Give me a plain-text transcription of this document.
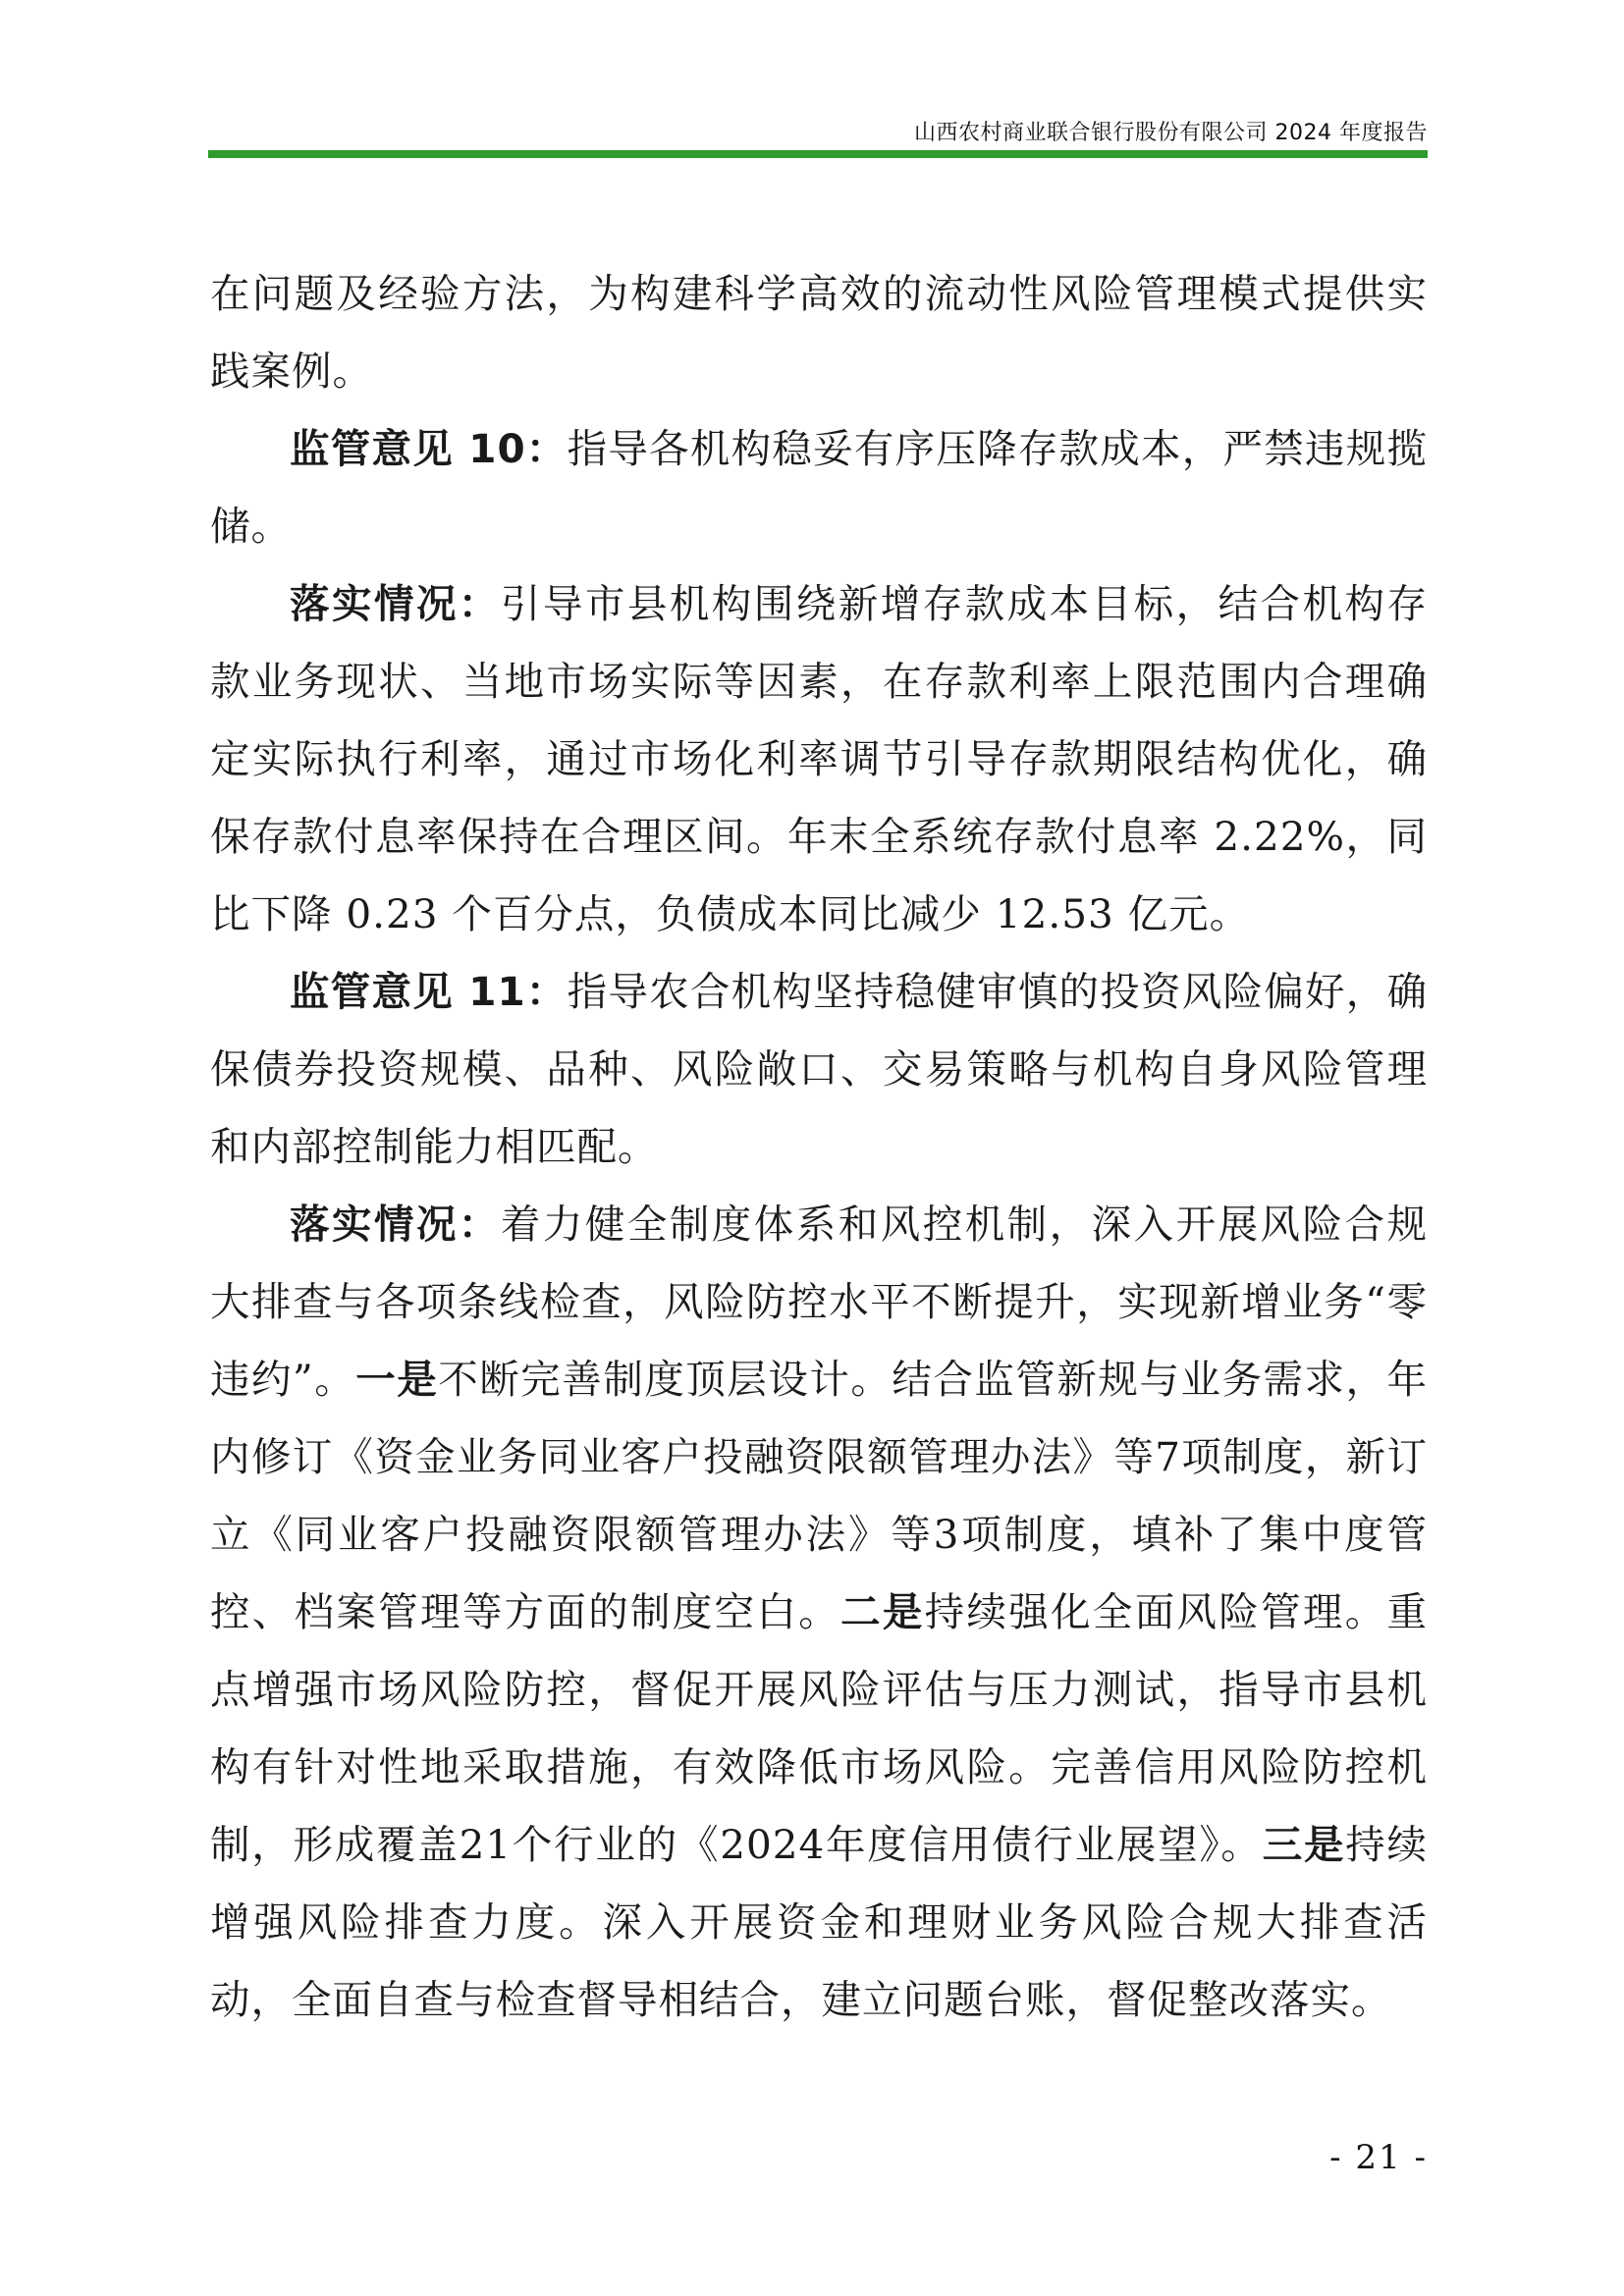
山西农村商业联合银行股份有限公司 2024 年度报告

在问题及经验方法，为构建科学高效的流动性风险管理模式提供实践案例。

监管意见 10：指导各机构稳妥有序压降存款成本，严禁违规揽储。

落实情况：引导市县机构围绕新增存款成本目标，结合机构存款业务现状、当地市场实际等因素，在存款利率上限范围内合理确定实际执行利率，通过市场化利率调节引导存款期限结构优化，确保存款付息率保持在合理区间。年末全系统存款付息率 2.22%，同比下降 0.23 个百分点，负债成本同比减少 12.53 亿元。

监管意见 11：指导农合机构坚持稳健审慎的投资风险偏好，确保债券投资规模、品种、风险敞口、交易策略与机构自身风险管理和内部控制能力相匹配。

落实情况：着力健全制度体系和风控机制，深入开展风险合规大排查与各项条线检查，风险防控水平不断提升，实现新增业务“零违约”。一是不断完善制度顶层设计。结合监管新规与业务需求，年内修订《资金业务同业客户投融资限额管理办法》等7项制度，新订立《同业客户投融资限额管理办法》等3项制度，填补了集中度管控、档案管理等方面的制度空白。二是持续强化全面风险管理。重点增强市场风险防控，督促开展风险评估与压力测试，指导市县机构有针对性地采取措施，有效降低市场风险。完善信用风险防控机制，形成覆盖21个行业的《2024年度信用债行业展望》。三是持续增强风险排查力度。深入开展资金和理财业务风险合规大排查活动，全面自查与检查督导相结合，建立问题台账，督促整改落实。

- 21 -
